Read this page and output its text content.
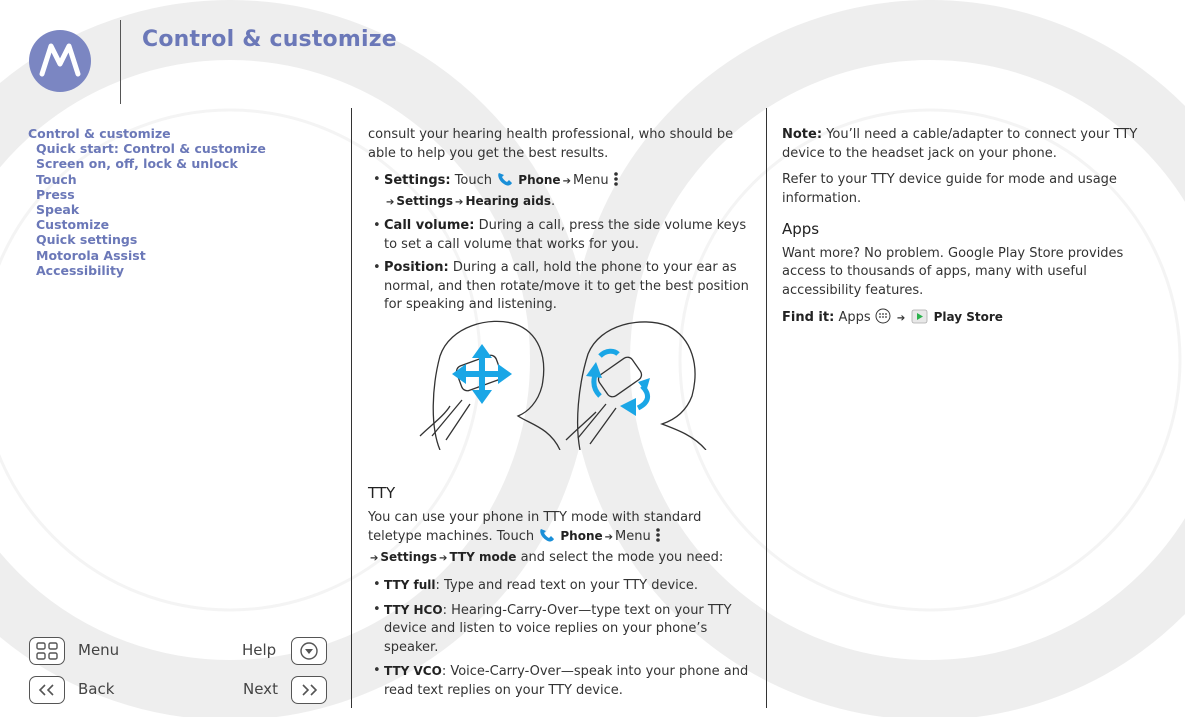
Control & customize
Control & customize
Quick start: Control & customize
Screen on, off, lock & unlock
Touch
Press
Speak
Customize
Quick settings
Motorola Assist
Accessibility

consult your hearing health professional, who should be able to help you get the best results.

• Settings: Touch Phone ➔ Menu  ➔ Settings ➔ Hearing aids.
• Call volume: During a call, press the side volume keys to set a call volume that works for you.
• Position: During a call, hold the phone to your ear as normal, and then rotate/move it to get the best position for speaking and listening.
TTY

You can use your phone in TTY mode with standard teletype machines. Touch Phone ➔ Menu  ➔ Settings ➔ TTY mode and select the mode you need:

• TTY full: Type and read text on your TTY device.
• TTY HCO: Hearing-Carry-Over—type text on your TTY device and listen to voice replies on your phone’s speaker.
• TTY VCO: Voice-Carry-Over—speak into your phone and read text replies on your TTY device.

Note: You’ll need a cable/adapter to connect your TTY device to the headset jack on your phone.

Refer to your TTY device guide for mode and usage information.

Apps

Want more? No problem. Google Play Store provides access to thousands of apps, many with useful accessibility features.

Find it: Apps	➔ Play Store

Menu	Help
Back	Next
